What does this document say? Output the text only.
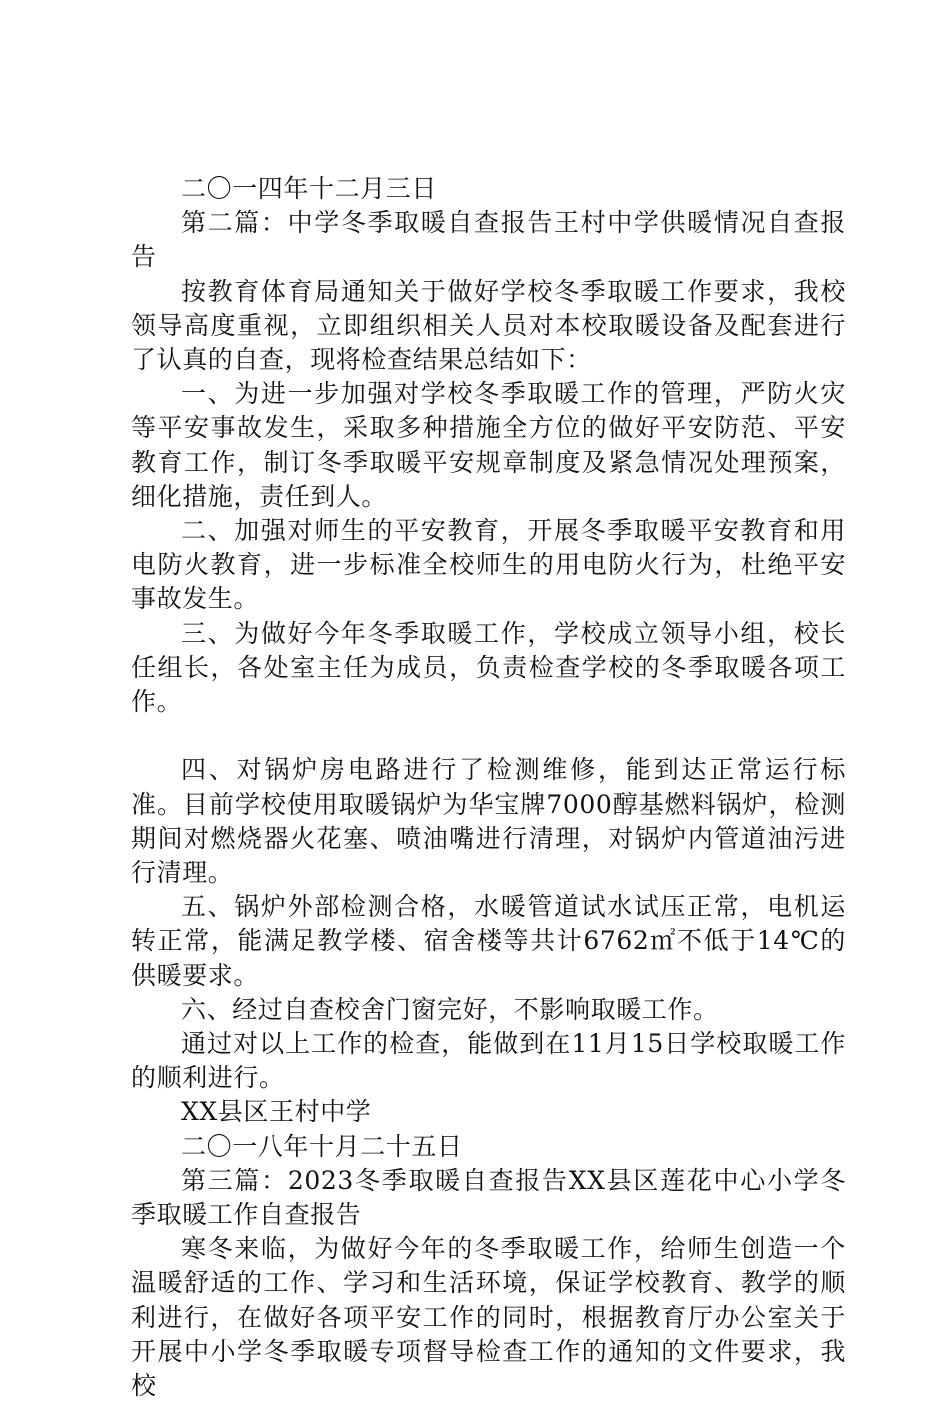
二〇一四年十二月三日

第二篇：中学冬季取暖自查报告王村中学供暖情况自查报告

按教育体育局通知关于做好学校冬季取暖工作要求，我校领导高度重视，立即组织相关人员对本校取暖设备及配套进行了认真的自查，现将检查结果总结如下：

一、为进一步加强对学校冬季取暖工作的管理，严防火灾等平安事故发生，采取多种措施全方位的做好平安防范、平安教育工作，制订冬季取暖平安规章制度及紧急情况处理预案，细化措施，责任到人。

二、加强对师生的平安教育，开展冬季取暖平安教育和用电防火教育，进一步标准全校师生的用电防火行为，杜绝平安事故发生。

三、为做好今年冬季取暖工作，学校成立领导小组，校长任组长，各处室主任为成员，负责检查学校的冬季取暖各项工作。

四、对锅炉房电路进行了检测维修，能到达正常运行标准。目前学校使用取暖锅炉为华宝牌7000醇基燃料锅炉，检测期间对燃烧器火花塞、喷油嘴进行清理，对锅炉内管道油污进行清理。

五、锅炉外部检测合格，水暖管道试水试压正常，电机运转正常，能满足教学楼、宿舍楼等共计6762㎡不低于14℃的供暖要求。

六、经过自查校舍门窗完好，不影响取暖工作。

通过对以上工作的检查，能做到在11月15日学校取暖工作的顺利进行。

XX县区王村中学

二〇一八年十月二十五日

第三篇：2023冬季取暖自查报告XX县区莲花中心小学冬季取暖工作自查报告

寒冬来临，为做好今年的冬季取暖工作，给师生创造一个温暖舒适的工作、学习和生活环境，保证学校教育、教学的顺利进行，在做好各项平安工作的同时，根据教育厅办公室关于开展中小学冬季取暖专项督导检查工作的通知的文件要求，我校
